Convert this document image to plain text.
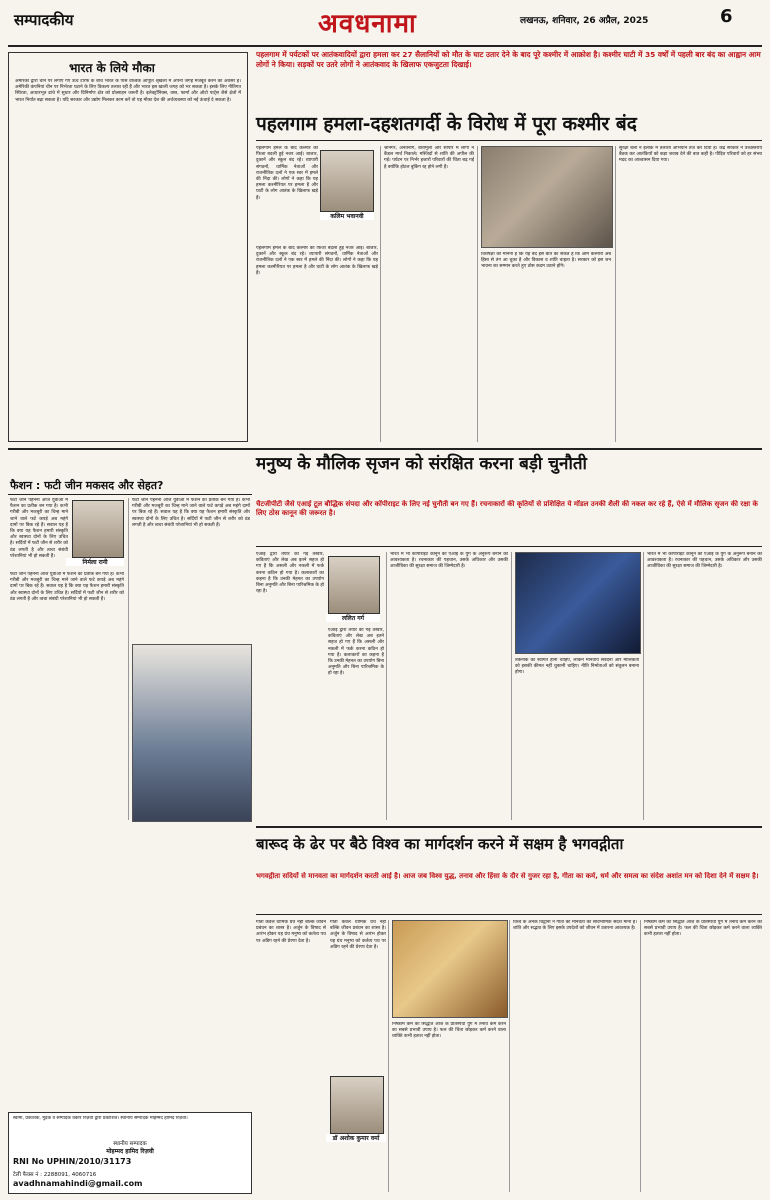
सम्पादकीय	अवधनामा	लखनऊ, शनिवार, 26 अप्रैल, 2025	6
भारत के लिये मौका
अमेरिका द्वारा चीन पर लगाए गए ऊंचे टैरिफ के बीच भारत के पास वैश्विक आपूर्ति श्रृंखला में अपनी जगह मजबूत करने का अवसर है। अमेरिकी कंपनियां चीन पर निर्भरता घटाने के लिए विकल्प तलाश रही हैं और भारत इस खाली जगह को भर सकता है। इसके लिए नीतिगत स्थिरता, आधारभूत ढांचे में सुधार और विनिर्माण क्षेत्र को प्रोत्साहन जरूरी है। इलेक्ट्रॉनिक्स, वस्त्र, फार्मा और ऑटो पार्ट्स जैसे क्षेत्रों में भारत निर्यात बढ़ा सकता है। यदि सरकार और उद्योग मिलकर काम करें तो यह मौका देश की अर्थव्यवस्था को नई ऊंचाई दे सकता है।
पहलगाम में पर्यटकों पर आतंकवादियों द्वारा हमला कर 27 सैलानियों को मौत के घाट उतार देने के बाद पूरे कश्मीर में आक्रोश है। कश्मीर घाटी में 35 वर्षों में पहली बार बंद का आह्वान आम लोगों ने किया। सड़कों पर उतरे लोगों ने आतंकवाद के खिलाफ एकजुटता दिखाई।
पहलगाम हमला-दहशतगर्दी के विरोध में पूरा कश्मीर बंद
पहलगाम हमले के बाद कश्मीर की फिजा बदली हुई नजर आई। बाजार, दुकानें और स्कूल बंद रहे। व्यापारी संगठनों, धार्मिक नेताओं और राजनीतिक दलों ने एक स्वर में हमले की निंदा की। लोगों ने कहा कि यह हमला कश्मीरियत पर हमला है और घाटी के लोग आतंक के खिलाफ खड़े हैं।
कलिम भवानवी
पहलगाम हमले के बाद कश्मीर की फिजा बदली हुई नजर आई। बाजार, दुकानें और स्कूल बंद रहे। व्यापारी संगठनों, धार्मिक नेताओं और राजनीतिक दलों ने एक स्वर में हमले की निंदा की। लोगों ने कहा कि यह हमला कश्मीरियत पर हमला है और घाटी के लोग आतंक के खिलाफ खड़े हैं।
श्रीनगर, अनंतनाग, बारामूला और सोपोर में लोगों ने कैंडल मार्च निकाले। मस्जिदों से शांति की अपील की गई। पर्यटन पर निर्भर हजारों परिवारों की चिंता बढ़ गई है क्योंकि होटल बुकिंग रद्द होने लगी हैं।
विशेषज्ञों का मानना है कि यह बंद इस बात का संकेत है कि आम कश्मीरी अब हिंसा से तंग आ चुका है और विकास व शांति चाहता है। सरकार को इस जन भावना का सम्मान करते हुए ठोस कदम उठाने होंगे।
सुरक्षा बलों ने इलाके में तलाशी अभियान तेज कर दिया है। केंद्र सरकार ने उच्चस्तरीय बैठक कर आतंकियों को कड़ा जवाब देने की बात कही है। पीड़ित परिवारों को हर संभव मदद का आश्वासन दिया गया।
फैशन : फटी जीन मकसद और सेहत?
फटी जीन पहनना आज युवाओं में फैशन का प्रतीक बन गया है। कभी गरीबी और मजबूरी का चिन्ह माने जाने वाले फटे कपड़े अब महंगे दामों पर बिक रहे हैं। सवाल यह है कि क्या यह फैशन हमारी संस्कृति और स्वास्थ्य दोनों के लिए उचित है। सर्दियों में फटी जीन से शरीर को ठंड लगती है और त्वचा संबंधी परेशानियां भी हो सकती हैं।
निर्मला रानी
फटी जीन पहनना आज युवाओं में फैशन का प्रतीक बन गया है। कभी गरीबी और मजबूरी का चिन्ह माने जाने वाले फटे कपड़े अब महंगे दामों पर बिक रहे हैं। सवाल यह है कि क्या यह फैशन हमारी संस्कृति और स्वास्थ्य दोनों के लिए उचित है। सर्दियों में फटी जीन से शरीर को ठंड लगती है और त्वचा संबंधी परेशानियां भी हो सकती हैं।
फटी जीन पहनना आज युवाओं में फैशन का प्रतीक बन गया है। कभी गरीबी और मजबूरी का चिन्ह माने जाने वाले फटे कपड़े अब महंगे दामों पर बिक रहे हैं। सवाल यह है कि क्या यह फैशन हमारी संस्कृति और स्वास्थ्य दोनों के लिए उचित है। सर्दियों में फटी जीन से शरीर को ठंड लगती है और त्वचा संबंधी परेशानियां भी हो सकती हैं।
मनुष्य के मौलिक सृजन को संरक्षित करना बड़ी चुनौती
चैटजीपीटी जैसे एआई टूल बौद्धिक संपदा और कॉपीराइट के लिए नई चुनौती बन गए हैं। रचनाकारों की कृतियों से प्रशिक्षित ये मॉडल उनकी शैली की नकल कर रहे हैं, ऐसे में मौलिक सृजन की रक्षा के लिए ठोस कानून की जरूरत है।
एआई द्वारा तैयार की गई तस्वीरें, कविताएं और लेख अब इतने सहज हो गए हैं कि असली और नकली में फर्क करना कठिन हो गया है। कलाकारों का कहना है कि उनकी मेहनत का उपयोग बिना अनुमति और बिना पारिश्रमिक के हो रहा है।
ललित गर्ग
एआई द्वारा तैयार की गई तस्वीरें, कविताएं और लेख अब इतने सहज हो गए हैं कि असली और नकली में फर्क करना कठिन हो गया है। कलाकारों का कहना है कि उनकी मेहनत का उपयोग बिना अनुमति और बिना पारिश्रमिक के हो रहा है।
भारत में भी कॉपीराइट कानून को एआई के युग के अनुरूप बनाने की आवश्यकता है। रचनाकार की पहचान, उसके अधिकार और उसकी आजीविका की सुरक्षा समाज की जिम्मेदारी है।
तकनीक का स्वागत होना चाहिए, लेकिन मानवीय संवेदना और मौलिकता को इसकी कीमत नहीं चुकानी चाहिए। नीति निर्माताओं को संतुलन बनाना होगा।
भारत में भी कॉपीराइट कानून को एआई के युग के अनुरूप बनाने की आवश्यकता है। रचनाकार की पहचान, उसके अधिकार और उसकी आजीविका की सुरक्षा समाज की जिम्मेदारी है।
बारूद के ढेर पर बैठे विश्व का मार्गदर्शन करने में सक्षम है भगवद्गीता
भगवद्गीता सदियों से मानवता का मार्गदर्शन करती आई है। आज जब विश्व युद्ध, तनाव और हिंसा के दौर से गुजर रहा है, गीता का कर्म, धर्म और समत्व का संदेश अशांत मन को दिशा देने में सक्षम है।
गीता केवल धार्मिक ग्रंथ नहीं बल्कि जीवन प्रबंधन का शास्त्र है। अर्जुन के विषाद से आरंभ होकर यह ग्रंथ मनुष्य को कर्तव्य पथ पर अडिग रहने की प्रेरणा देता है।
डॉ अशोक कुमार वर्मा
गीता केवल धार्मिक ग्रंथ नहीं बल्कि जीवन प्रबंधन का शास्त्र है। अर्जुन के विषाद से आरंभ होकर यह ग्रंथ मनुष्य को कर्तव्य पथ पर अडिग रहने की प्रेरणा देता है।
निष्काम कर्म का सिद्धांत आज के प्रतिस्पर्धी युग में तनाव कम करने का सबसे प्रभावी उपाय है। फल की चिंता छोड़कर कर्म करने वाला व्यक्ति कभी हताश नहीं होता।
विश्व के अनेक विद्वानों ने गीता को मानवता का सार्वभौमिक संदेश माना है। शांति और सद्भाव के लिए इसके उपदेशों को जीवन में उतारना आवश्यक है।
निष्काम कर्म का सिद्धांत आज के प्रतिस्पर्धी युग में तनाव कम करने का सबसे प्रभावी उपाय है। फल की चिंता छोड़कर कर्म करने वाला व्यक्ति कभी हताश नहीं होता।
स्वामी, प्रकाशक, मुद्रक व सम्पादक वकार रिज़वी द्वारा प्रकाशित। स्थानीय सम्पादक मोहम्मद हामिद रिज़वी।
स्थानीय सम्पादक
मोहम्मद हामिद रिज़वी
RNI No UPHIN/2010/31173
टेली फैक्स नं : 2288091, 4060716
avadhnamahindi@gmail.com
